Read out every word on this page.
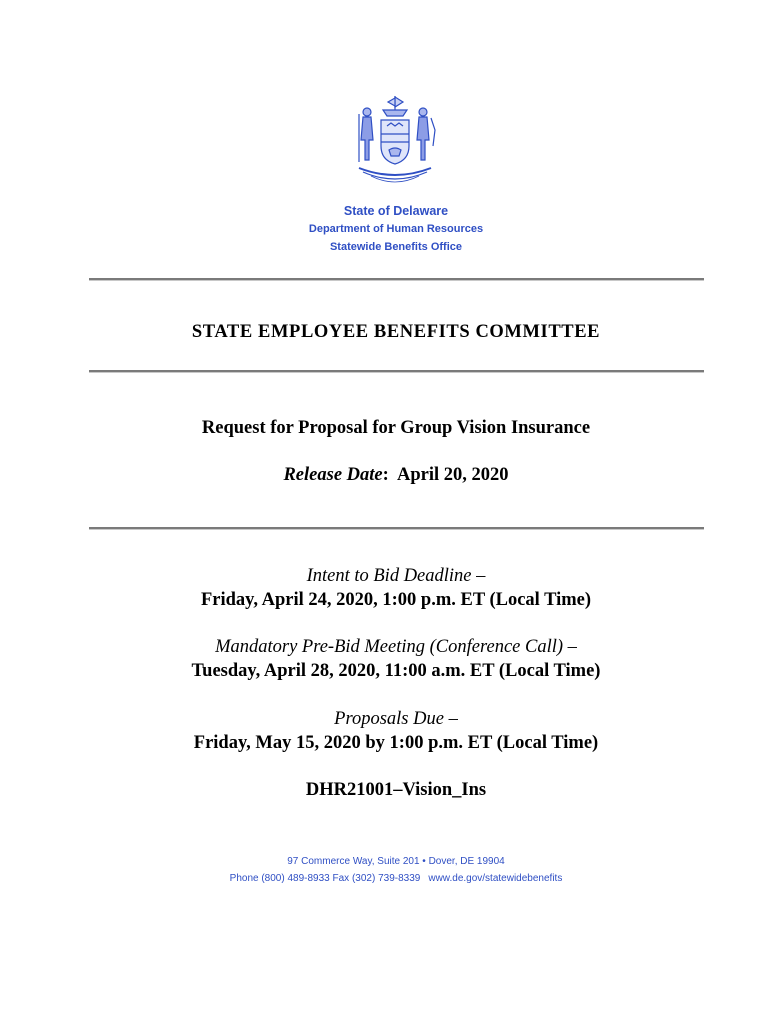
State of Delaware
Department of Human Resources
Statewide Benefits Office
STATE EMPLOYEE BENEFITS COMMITTEE
Request for Proposal for Group Vision Insurance
Release Date:  April 20, 2020
Intent to Bid Deadline –
Friday, April 24, 2020, 1:00 p.m. ET (Local Time)
Mandatory Pre-Bid Meeting (Conference Call) –
Tuesday, April 28, 2020, 11:00 a.m. ET (Local Time)
Proposals Due –
Friday, May 15, 2020 by 1:00 p.m. ET (Local Time)
DHR21001–Vision_Ins
97 Commerce Way, Suite 201 • Dover, DE 19904
Phone (800) 489-8933 Fax (302) 739-8339 www.de.gov/statewidebenefits
